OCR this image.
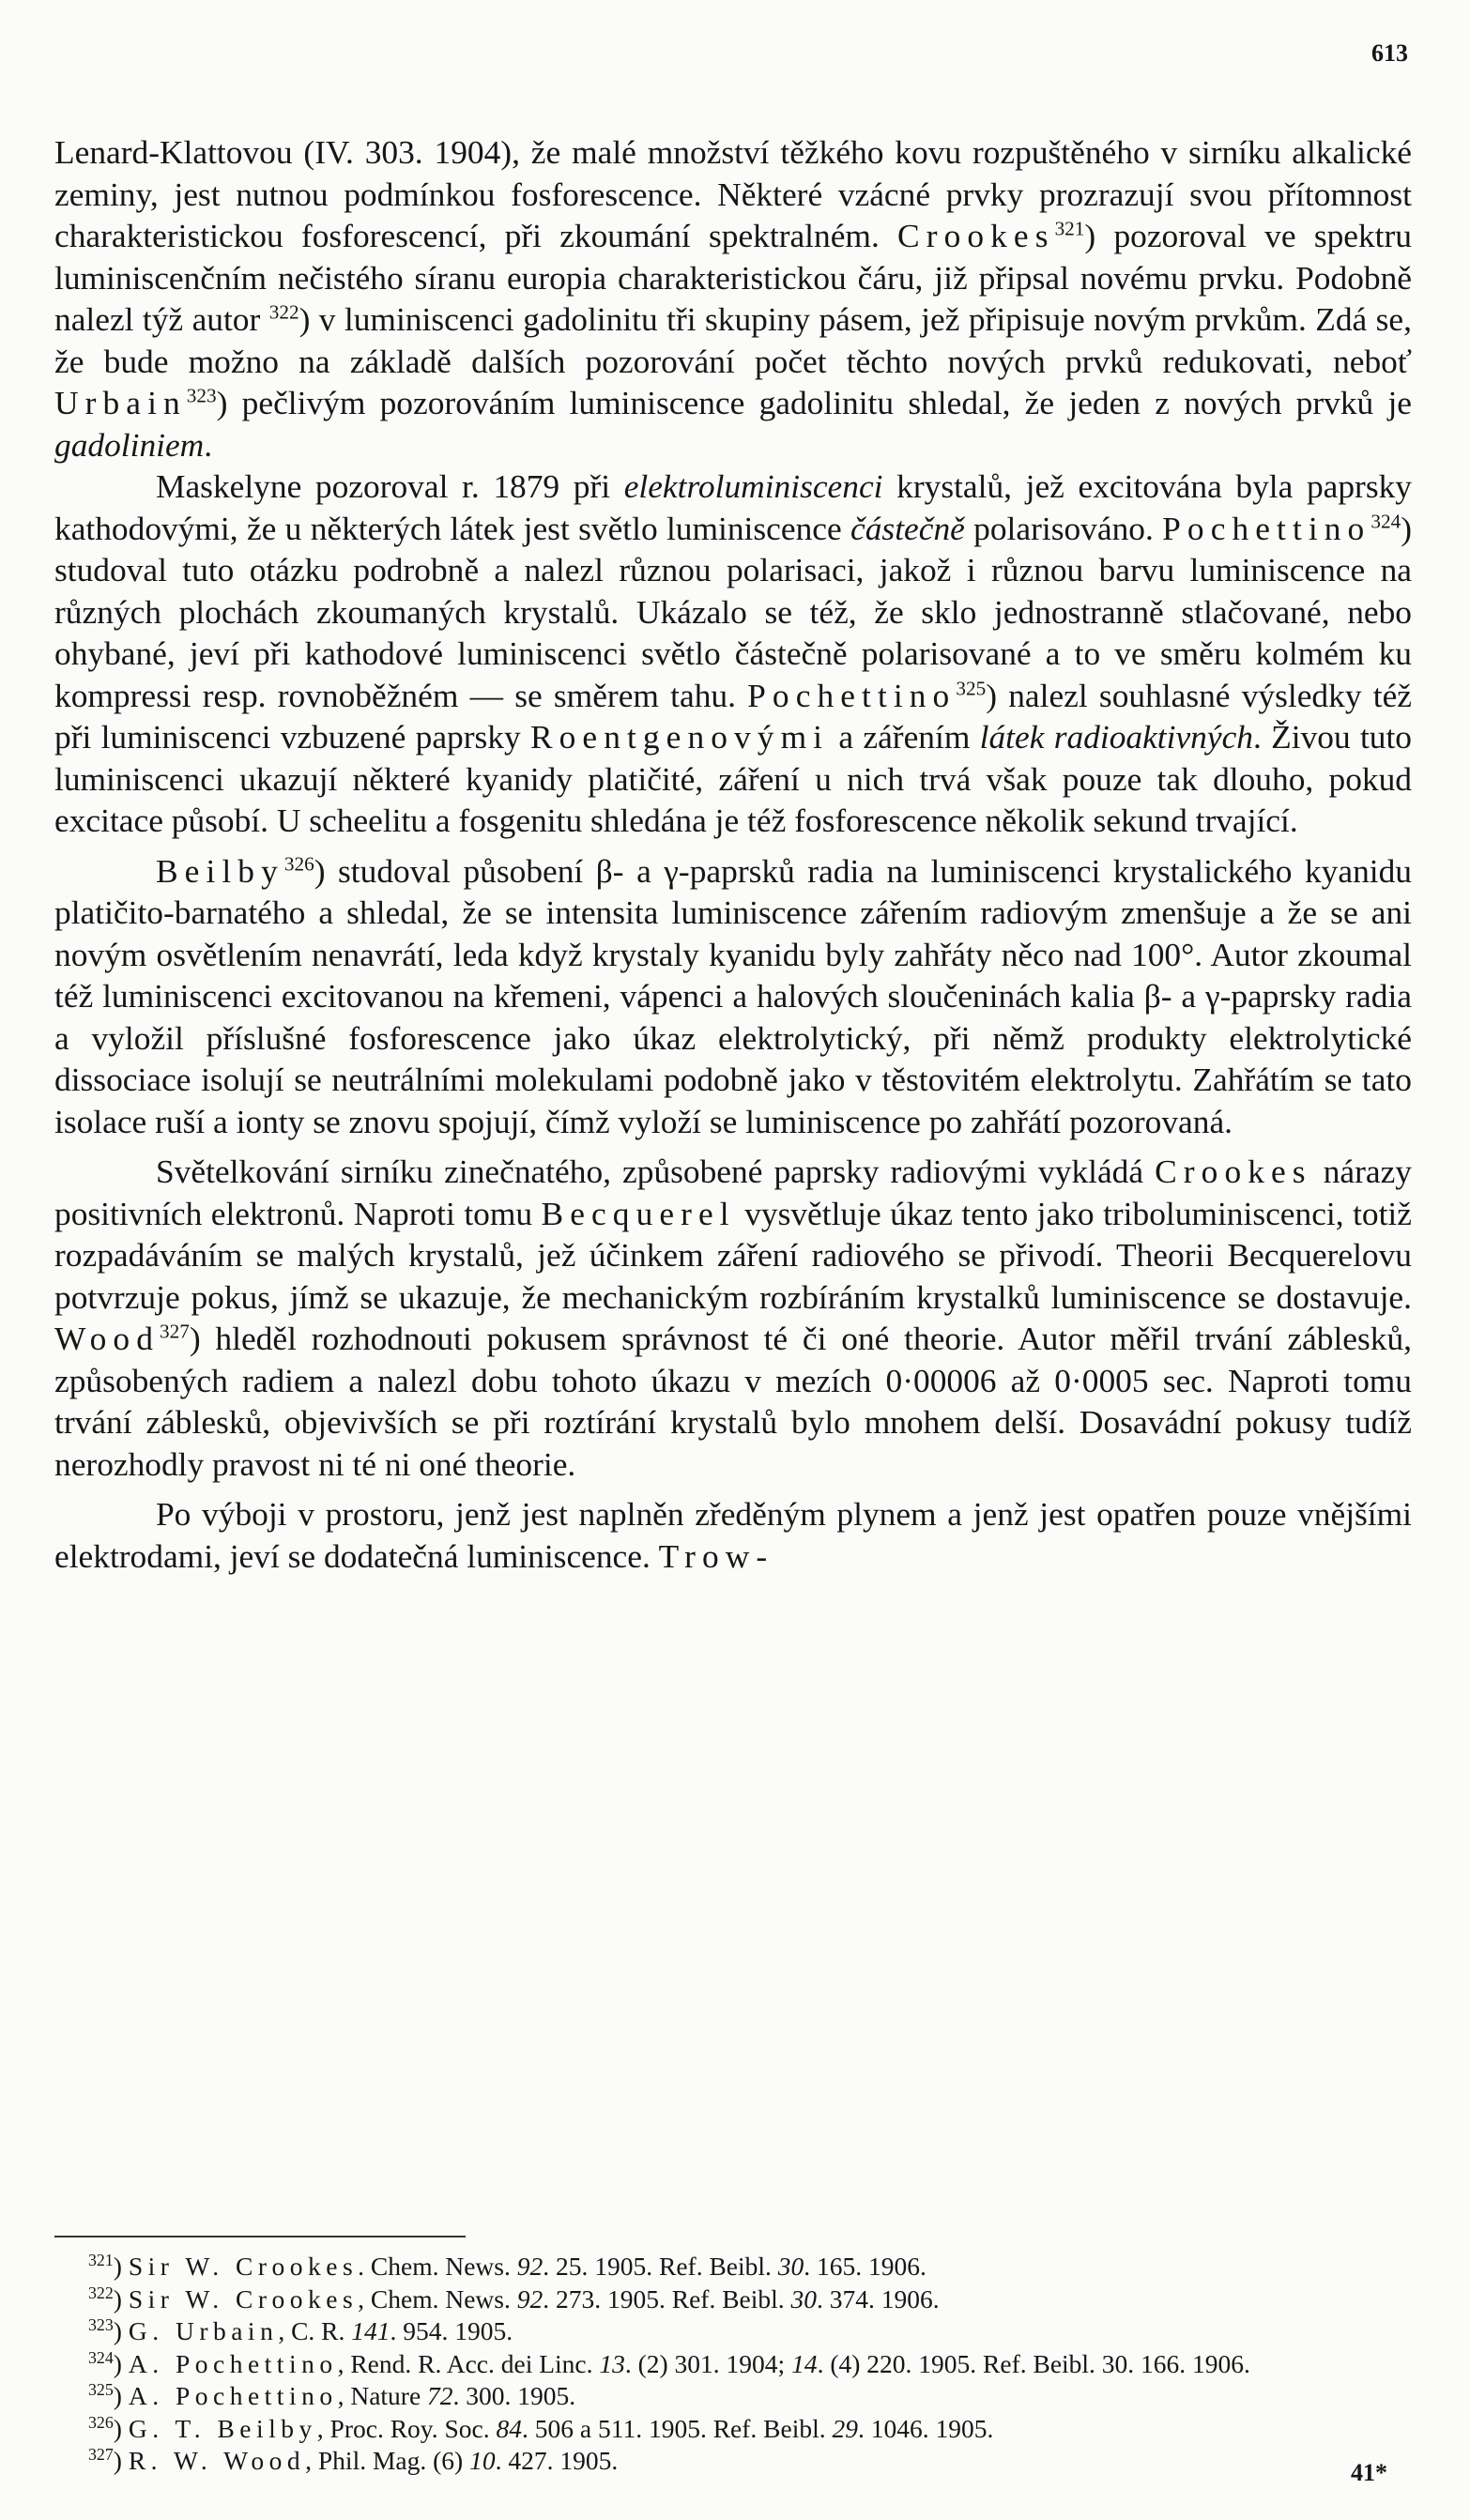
613

Lenard-Klattovou (IV. 303. 1904), že malé množství těžkého kovu rozpuštěného v sirníku alkalické zeminy, jest nutnou podmínkou fosforescence. Některé vzácné prvky prozrazují svou přítomnost charakteristickou fosforescencí, při zkoumání spektralném. Crookes$^{321}$) pozoroval ve spektru luminiscenčním nečistého síranu europia charakteristickou čáru, již připsal novému prvku. Podobně nalezl týž autor $^{322}$) v luminiscenci gadolinitu tři skupiny pásem, jež připisuje novým prvkům. Zdá se, že bude možno na základě dalších pozorování počet těchto nových prvků redukovati, neboť Urbain$^{323}$) pečlivým pozorováním luminiscence gadolinitu shledal, že jeden z nových prvků je gadoliniem.

Maskelyne pozoroval r. 1879 při elektroluminiscenci krystalů, jež excitována byla paprsky kathodovými, že u některých látek jest světlo luminiscence částečně polarisováno. Pochettino$^{324}$) studoval tuto otázku podrobně a nalezl různou polarisaci, jakož i různou barvu luminiscence na různých plochách zkoumaných krystalů. Ukázalo se též, že sklo jednostranně stlačované, nebo ohybané, jeví při kathodové luminiscenci světlo částečně polarisované a to ve směru kolmém ku kompressi resp. rovnoběžném — se směrem tahu. Pochettino$^{325}$) nalezl souhlasné výsledky též při luminiscenci vzbuzené paprsky Roentgenovými a zářením látek radioaktivných. Živou tuto luminiscenci ukazují některé kyanidy platičité, záření u nich trvá však pouze tak dlouho, pokud excitace působí. U scheelitu a fosgenitu shledána je též fosforescence několik sekund trvající.

Beilby$^{326}$) studoval působení β- a γ-paprsků radia na luminiscenci krystalického kyanidu platičito-barnatého a shledal, že se intensita luminiscence zářením radiovým zmenšuje a že se ani novým osvětlením nenavrátí, leda když krystaly kyanidu byly zahřáty něco nad 100°. Autor zkoumal též luminiscenci excitovanou na křemeni, vápenci a halových sloučeninách kalia β- a γ-paprsky radia a vyložil příslušné fosforescence jako úkaz elektrolytický, při němž produkty elektrolytické dissociace isolují se neutrálními molekulami podobně jako v těstovitém elektrolytu. Zahřátím se tato isolace ruší a ionty se znovu spojují, čímž vyloží se luminiscence po zahřátí pozorovaná.

Světelkování sirníku zinečnatého, způsobené paprsky radiovými vykládá Crookes nárazy positivních elektronů. Naproti tomu Becquerel vysvětluje úkaz tento jako triboluminiscenci, totiž rozpadáváním se malých krystalů, jež účinkem záření radiového se přivodí. Theorii Becquerelovu potvrzuje pokus, jímž se ukazuje, že mechanickým rozbíráním krystalků luminiscence se dostavuje. Wood$^{327}$) hleděl rozhodnouti pokusem správnost té či oné theorie. Autor měřil trvání záblesků, způsobených radiem a nalezl dobu tohoto úkazu v mezích 0·00006 až 0·0005 sec. Naproti tomu trvání záblesků, objevivších se při roztírání krystalů bylo mnohem delší. Dosavádní pokusy tudíž nerozhodly pravost ni té ni oné theorie.

Po výboji v prostoru, jenž jest naplněn zředěným plynem a jenž jest opatřen pouze vnějšími elektrodami, jeví se dodatečná luminiscence. Trow-

$^{321}$) Sir W. Crookes. Chem. News. 92. 25. 1905. Ref. Beibl. 30. 165. 1906.
$^{322}$) Sir W. Crookes, Chem. News. 92. 273. 1905. Ref. Beibl. 30. 374. 1906.
$^{323}$) G. Urbain, C. R. 141. 954. 1905.
$^{324}$) A. Pochettino, Rend. R. Acc. dei Linc. 13. (2) 301. 1904; 14. (4) 220. 1905. Ref. Beibl. 30. 166. 1906.
$^{325}$) A. Pochettino, Nature 72. 300. 1905.
$^{326}$) G. T. Beilby, Proc. Roy. Soc. 84. 506 a 511. 1905. Ref. Beibl. 29. 1046. 1905.
$^{327}$) R. W. Wood, Phil. Mag. (6) 10. 427. 1905.	41*
